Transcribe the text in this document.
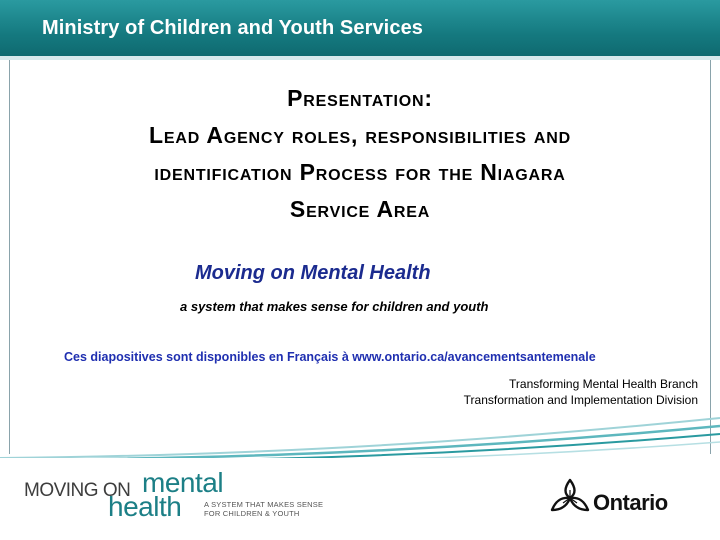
Ministry of Children and Youth Services
Presentation:
Lead Agency roles, responsibilities and
identification Process for the Niagara
Service Area
Moving on Mental Health
a system that makes sense for children and youth
Ces diapositives sont disponibles en Français à www.ontario.ca/avancementsantemenale
Transforming Mental Health Branch
Transformation and Implementation Division
MOVING ON mental
health	A SYSTEM THAT MAKES SENSE
FOR CHILDREN & YOUTH	Ontario
